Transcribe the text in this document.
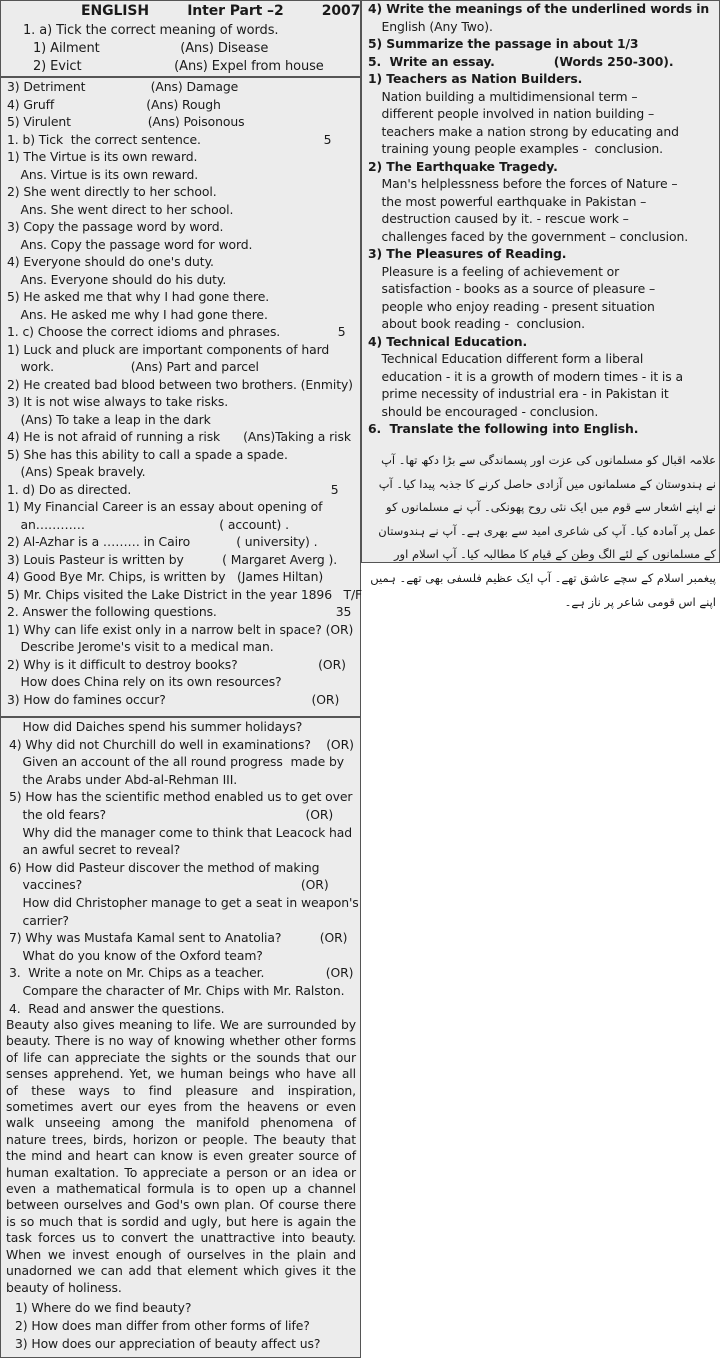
ENGLISH        Inter Part –2        2007
1. a) Tick the correct meaning of words.
1) Ailment                    (Ans) Disease
2) Evict                       (Ans) Expel from house
3) Detriment                 (Ans) Damage
4) Gruff                        (Ans) Rough
5) Virulent                    (Ans) Poisonous
1. b) Tick  the correct sentence.                                5
1) The Virtue is its own reward.
Ans. Virtue is its own reward.
2) She went directly to her school.
Ans. She went direct to her school.
3) Copy the passage word by word.
Ans. Copy the passage word for word.
4) Everyone should do one's duty.
Ans. Everyone should do his duty.
5) He asked me that why I had gone there.
Ans. He asked me why I had gone there.
1. c) Choose the correct idioms and phrases.               5
1) Luck and pluck are important components of hard
work.                    (Ans) Part and parcel
2) He created bad blood between two brothers. (Enmity)
3) It is not wise always to take risks.
(Ans) To take a leap in the dark
4) He is not afraid of running a risk      (Ans)Taking a risk
5) She has this ability to call a spade a spade.
(Ans) Speak bravely.
1. d) Do as directed.                                                    5
1) My Financial Career is an essay about opening of
an…………                                   ( account) .
2) Al-Azhar is a ……… in Cairo            ( university) .
3) Louis Pasteur is written by          ( Margaret Averg ).
4) Good Bye Mr. Chips, is written by   (James Hiltan)
5) Mr. Chips visited the Lake District in the year 1896   T/F
2. Answer the following questions.                               35
1) Why can life exist only in a narrow belt in space? (OR)
Describe Jerome's visit to a medical man.
2) Why is it difficult to destroy books?                     (OR)
How does China rely on its own resources?
3) How do famines occur?                                      (OR)
How did Daiches spend his summer holidays?
4) Why did not Churchill do well in examinations?    (OR)
Given an account of the all round progress  made by
the Arabs under Abd-al-Rehman III.
5) How has the scientific method enabled us to get over
the old fears?                                                    (OR)
Why did the manager come to think that Leacock had
an awful secret to reveal?
6) How did Pasteur discover the method of making
vaccines?                                                         (OR)
How did Christopher manage to get a seat in weapon's
carrier?
7) Why was Mustafa Kamal sent to Anatolia?          (OR)
What do you know of the Oxford team?
3.  Write a note on Mr. Chips as a teacher.                (OR)
Compare the character of Mr. Chips with Mr. Ralston.
4.  Read and answer the questions.
Beauty also gives meaning to life. We are surrounded by beauty. There is no way of knowing whether other forms of life can appreciate the sights or the sounds that our senses apprehend. Yet, we human beings who have all of these ways to find pleasure and inspiration, sometimes avert our eyes from the heavens or even walk unseeing among the manifold phenomena of nature trees, birds, horizon or people. The beauty that the mind and heart can know is even greater source of human exaltation. To appreciate a person or an idea or even a mathematical formula is to open up a channel between ourselves and God's own plan. Of course there is so much that is sordid and ugly, but here is again the task forces us to convert the unattractive into beauty. When we invest enough of ourselves in the plain and unadorned we can add that element which gives it the beauty of holiness.
1) Where do we find beauty?
2) How does man differ from other forms of life?
3) How does our appreciation of beauty affect us?
4) Write the meanings of the underlined words in
English (Any Two).
5) Summarize the passage in about 1/3
5.  Write an essay.              (Words 250-300).
1) Teachers as Nation Builders.
Nation building a multidimensional term –
different people involved in nation building –
teachers make a nation strong by educating and
training young people examples -  conclusion.
2) The Earthquake Tragedy.
Man's helplessness before the forces of Nature –
the most powerful earthquake in Pakistan –
destruction caused by it. - rescue work –
challenges faced by the government – conclusion.
3) The Pleasures of Reading.
Pleasure is a feeling of achievement or
satisfaction - books as a source of pleasure –
people who enjoy reading - present situation
about book reading -  conclusion.
4) Technical Education.
Technical Education different form a liberal
education - it is a growth of modern times - it is a
prime necessity of industrial era - in Pakistan it
should be encouraged - conclusion.
6.  Translate the following into English.
علامہ اقبال کو مسلمانوں کی عزت اور پسماندگی سے بڑا دکھ تھا۔ آپ نے ہندوستان کے مسلمانوں میں آزادی حاصل کرنے کا جذبہ پیدا کیا۔ آپ نے اپنے اشعار سے قوم میں ایک نئی روح پھونکی۔ آپ نے مسلمانوں کو عمل پر آمادہ کیا۔ آپ کی شاعری امید سے بھری ہے۔ آپ نے ہندوستان کے مسلمانوں کے لئے الگ وطن کے قیام کا مطالبہ کیا۔ آپ اسلام اور پیغمبر اسلام کے سچے عاشق تھے۔ آپ ایک عظیم فلسفی بھی تھے۔ ہمیں اپنے اس قومی شاعر پر ناز ہے۔
